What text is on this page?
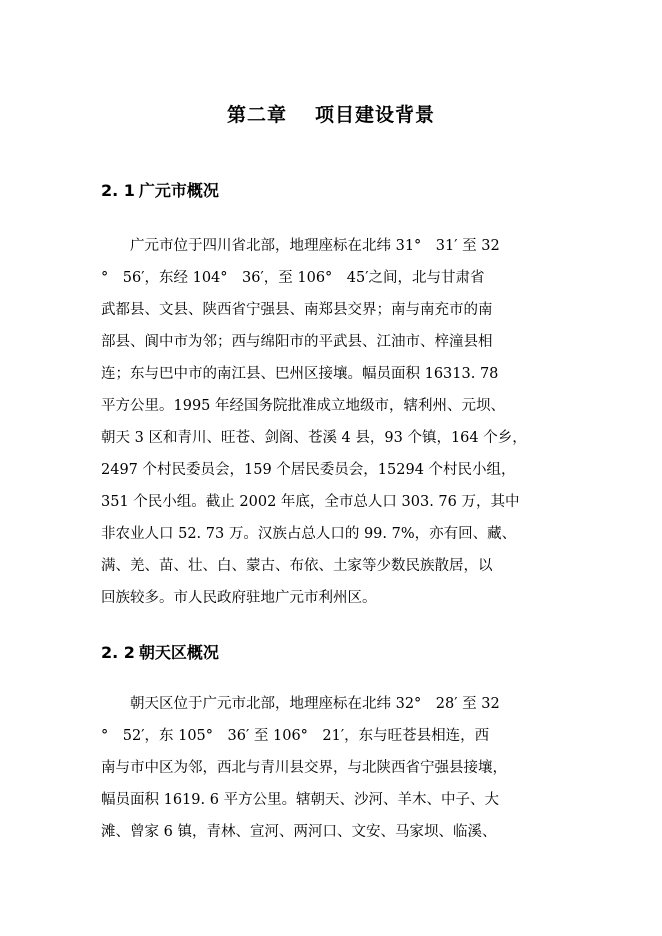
第二章 项目建设背景
2. 1 广元市概况
　　广元市位于四川省北部，地理座标在北纬 31°　31′ 至 32
°　56′，东经 104°　36′，至 106°　45′之间，北与甘肃省
武都县、文县、陕西省宁强县、南郑县交界；南与南充市的南
部县、阆中市为邻；西与绵阳市的平武县、江油市、梓潼县相
连；东与巴中市的南江县、巴州区接壤。幅员面积 16313. 78
平方公里。1995 年经国务院批准成立地级市，辖利州、元坝、
朝天 3 区和青川、旺苍、剑阁、苍溪 4 县，93 个镇，164 个乡，
2497 个村民委员会，159 个居民委员会，15294 个村民小组，
351 个民小组。截止 2002 年底，全市总人口 303. 76 万，其中
非农业人口 52. 73 万。汉族占总人口的 99. 7%，亦有回、藏、
满、羌、苗、壮、白、蒙古、布依、土家等少数民族散居，以
回族较多。市人民政府驻地广元市利州区。
2. 2 朝天区概况
　　朝天区位于广元市北部，地理座标在北纬 32°　28′ 至 32
°　52′，东 105°　36′ 至 106°　21′，东与旺苍县相连，西
南与市中区为邻，西北与青川县交界，与北陕西省宁强县接壤，
幅员面积 1619. 6 平方公里。辖朝天、沙河、羊木、中子、大
滩、曾家 6 镇，青林、宣河、两河口、文安、马家坝、临溪、
